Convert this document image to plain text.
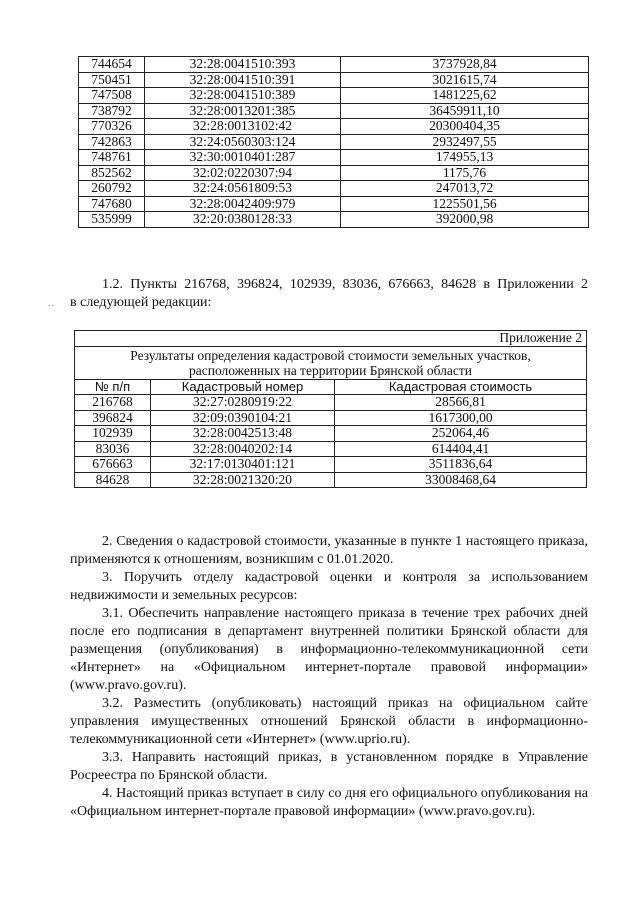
744654	32:28:0041510:393	3737928,84
750451	32:28:0041510:391	3021615,74
747508	32:28:0041510:389	1481225,62
738792	32:28:0013201:385	36459911,10
770326	32:28:0013102:42	20300404,35
742863	32:24:0560303:124	2932497,55
748761	32:30:0010401:287	174955,13
852562	32:02:0220307:94	1175,76
260792	32:24:0561809:53	247013,72
747680	32:28:0042409:979	1225501,56
535999	32:20:0380128:33	392000,98
1.2. Пункты 216768, 396824, 102939, 83036, 676663, 84628 в Приложении 2
.. в следующей редакции:
Приложение 2		

Результаты определения кадастровой стоимости земельных участков,
расположенных на территории Брянской области		

№ п/п	Кадастровый номер	Кадастровая стоимость
216768	32:27:0280919:22	28566,81
396824	32:09:0390104:21	1617300,00
102939	32:28:0042513:48	252064,46
83036	32:28:0040202:14	614404,41
676663	32:17:0130401:121	3511836,64
84628	32:28:0021320:20	33008468,64
2. Сведения о кадастровой стоимости, указанные в пункте 1 настоящего приказа, применяются к отношениям, возникшим с 01.01.2020.
3. Поручить отделу кадастровой оценки и контроля за использованием недвижимости и земельных ресурсов:
3.1. Обеспечить направление настоящего приказа в течение трех рабочих дней после его подписания в департамент внутренней политики Брянской области для размещения (опубликования) в информационно-телекоммуникационной сети «Интернет» на «Официальном интернет-портале правовой информации» (www.pravo.gov.ru).
3.2. Разместить (опубликовать) настоящий приказ на официальном сайте управления имущественных отношений Брянской области в информационно-телекоммуникационной сети «Интернет» (www.uprio.ru).
3.3. Направить настоящий приказ, в установленном порядке в Управление Росреестра по Брянской области.
4. Настоящий приказ вступает в силу со дня его официального опубликования на «Официальном интернет-портале правовой информации» (www.pravo.gov.ru).
